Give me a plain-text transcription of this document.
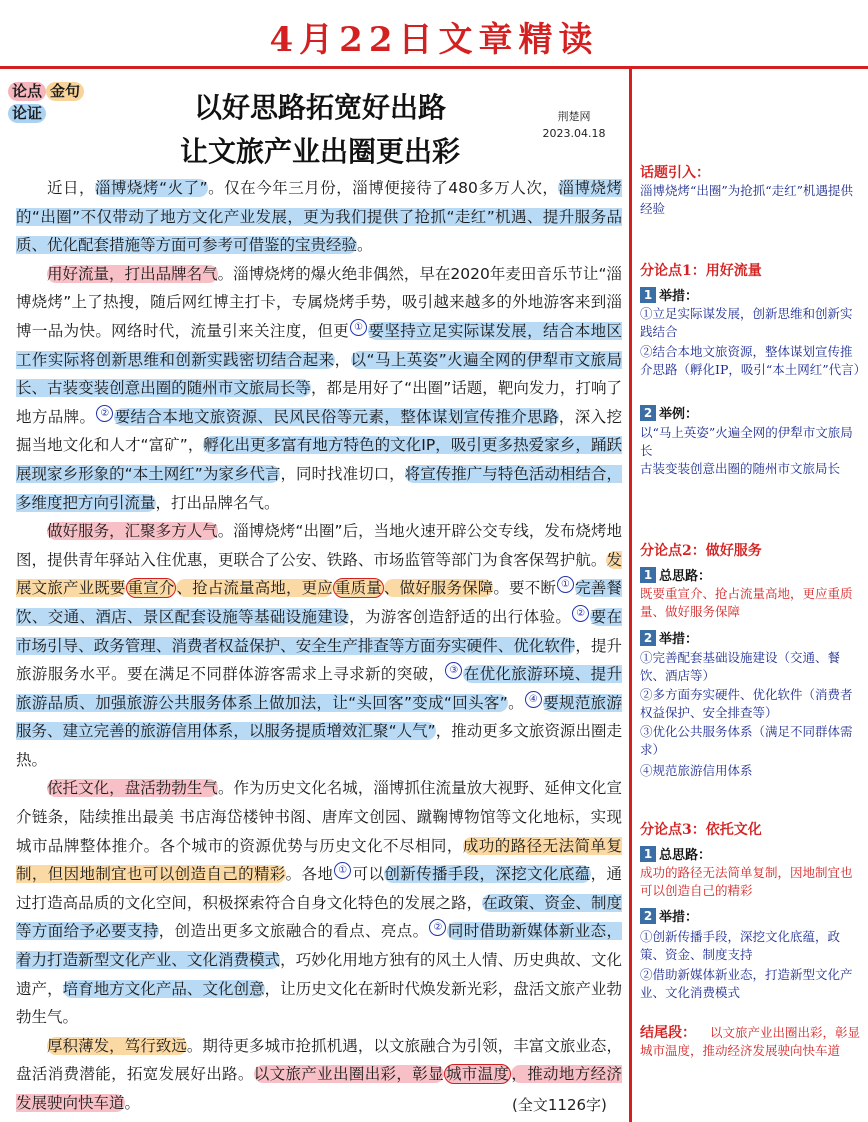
4月22日文章精读
论点 金句
论证	以好思路拓宽好出路
让文旅产业出圈更出彩
荆楚网
2023.04.18

近日，淄博烧烤“火了”。仅在今年三月份，淄博便接待了480多万人次，淄博烧烤的“出圈”不仅带动了地方文化产业发展，更为我们提供了抢抓“走红”机遇、提升服务品质、优化配套措施等方面可参考可借鉴的宝贵经验。

用好流量，打出品牌名气。淄博烧烤的爆火绝非偶然，早在2020年麦田音乐节让“淄博烧烤”上了热搜，随后网红博主打卡，专属烧烤手势，吸引越来越多的外地游客来到淄博一品为快。网络时代，流量引来关注度，但更 ① 要坚持立足实际谋发展，结合本地区工作实际将创新思维和创新实践密切结合起来，以“马上英姿”火遍全网的伊犁市文旅局长、古装变装创意出圈的随州市文旅局长等，都是用好了“出圈”话题，靶向发力，打响了地方品牌。 ② 要结合本地文旅资源、民风民俗等元素，整体谋划宣传推介思路，深入挖掘当地文化和人才“富矿”，孵化出更多富有地方特色的文化IP，吸引更多热爱家乡，踊跃展现家乡形象的“本土网红”为家乡代言，同时找准切口，将宣传推广与特色活动相结合，多维度把方向引流量，打出品牌名气。

做好服务，汇聚多方人气。淄博烧烤“出圈”后，当地火速开辟公交专线，发布烧烤地图，提供青年驿站入住优惠，更联合了公安、铁路、市场监管等部门为食客保驾护航。发展文旅产业既要 重宣介 、抢占流量高地，更应 重质量 、做好服务保障。要不断 ① 完善餐饮、交通、酒店、景区配套设施等基础设施建设，为游客创造舒适的出行体验。 ② 要在市场引导、政务管理、消费者权益保护、安全生产排查等方面夯实硬件、优化软件，提升旅游服务水平。要在满足不同群体游客需求上寻求新的突破， ③ 在优化旅游环境、提升旅游品质、加强旅游公共服务体系上做加法，让“头回客”变成“回头客”。 ④ 要规范旅游服务、建立完善的旅游信用体系，以服务提质增效汇聚“人气”，推动更多文旅资源出圈走热。

依托文化，盘活勃勃生气。作为历史文化名城，淄博抓住流量放大视野、延伸文化宣介链条，陆续推出最美 书店海岱楼钟书阁、唐库文创园、蹴鞠博物馆等文化地标，实现城市品牌整体推介。各个城市的资源优势与历史文化不尽相同，成功的路径无法简单复制，但因地制宜也可以创造自己的精彩。各地 ① 可以创新传播手段，深挖文化底蕴，通过打造高品质的文化空间，积极探索符合自身文化特色的发展之路，在政策、资金、制度等方面给予必要支持，创造出更多文旅融合的看点、亮点。 ② 同时借助新媒体新业态，着力打造新型文化产业、文化消费模式，巧妙化用地方独有的风土人情、历史典故、文化遗产，培育地方文化产品、文化创意，让历史文化在新时代焕发新光彩，盘活文旅产业勃勃生气。

厚积薄发，笃行致远。期待更多城市抢抓机遇，以文旅融合为引领，丰富文旅业态，盘活消费潜能，拓宽发展好出路。以文旅产业出圈出彩，彰显 城市温度 ，推动地方经济发展驶向快车道。	(全文1126字)
话题引入：
淄博烧烤“出圈”为抢抓“走红”机遇提供经验
分论点1：用好流量
1 举措：
①立足实际谋发展，创新思维和创新实践结合
②结合本地文旅资源，整体谋划宣传推介思路（孵化IP，吸引“本土网红”代言）
2 举例：
以“马上英姿”火遍全网的伊犁市文旅局长
古装变装创意出圈的随州市文旅局长
分论点2：做好服务
1 总思路：
既要重宣介、抢占流量高地，更应重质量、做好服务保障
2 举措：
①完善配套基础设施建设（交通、餐饮、酒店等）
②多方面夯实硬件、优化软件（消费者权益保护、安全排查等）
③优化公共服务体系（满足不同群体需求）
④规范旅游信用体系
分论点3：依托文化
1 总思路：
成功的路径无法简单复制，因地制宜也可以创造自己的精彩
2 举措：
①创新传播手段，深挖文化底蕴，政策、资金、制度支持
②借助新媒体新业态，打造新型文化产业、文化消费模式
结尾段：	以文旅产业出圈出彩，彰显城市温度，推动经济发展驶向快车道
